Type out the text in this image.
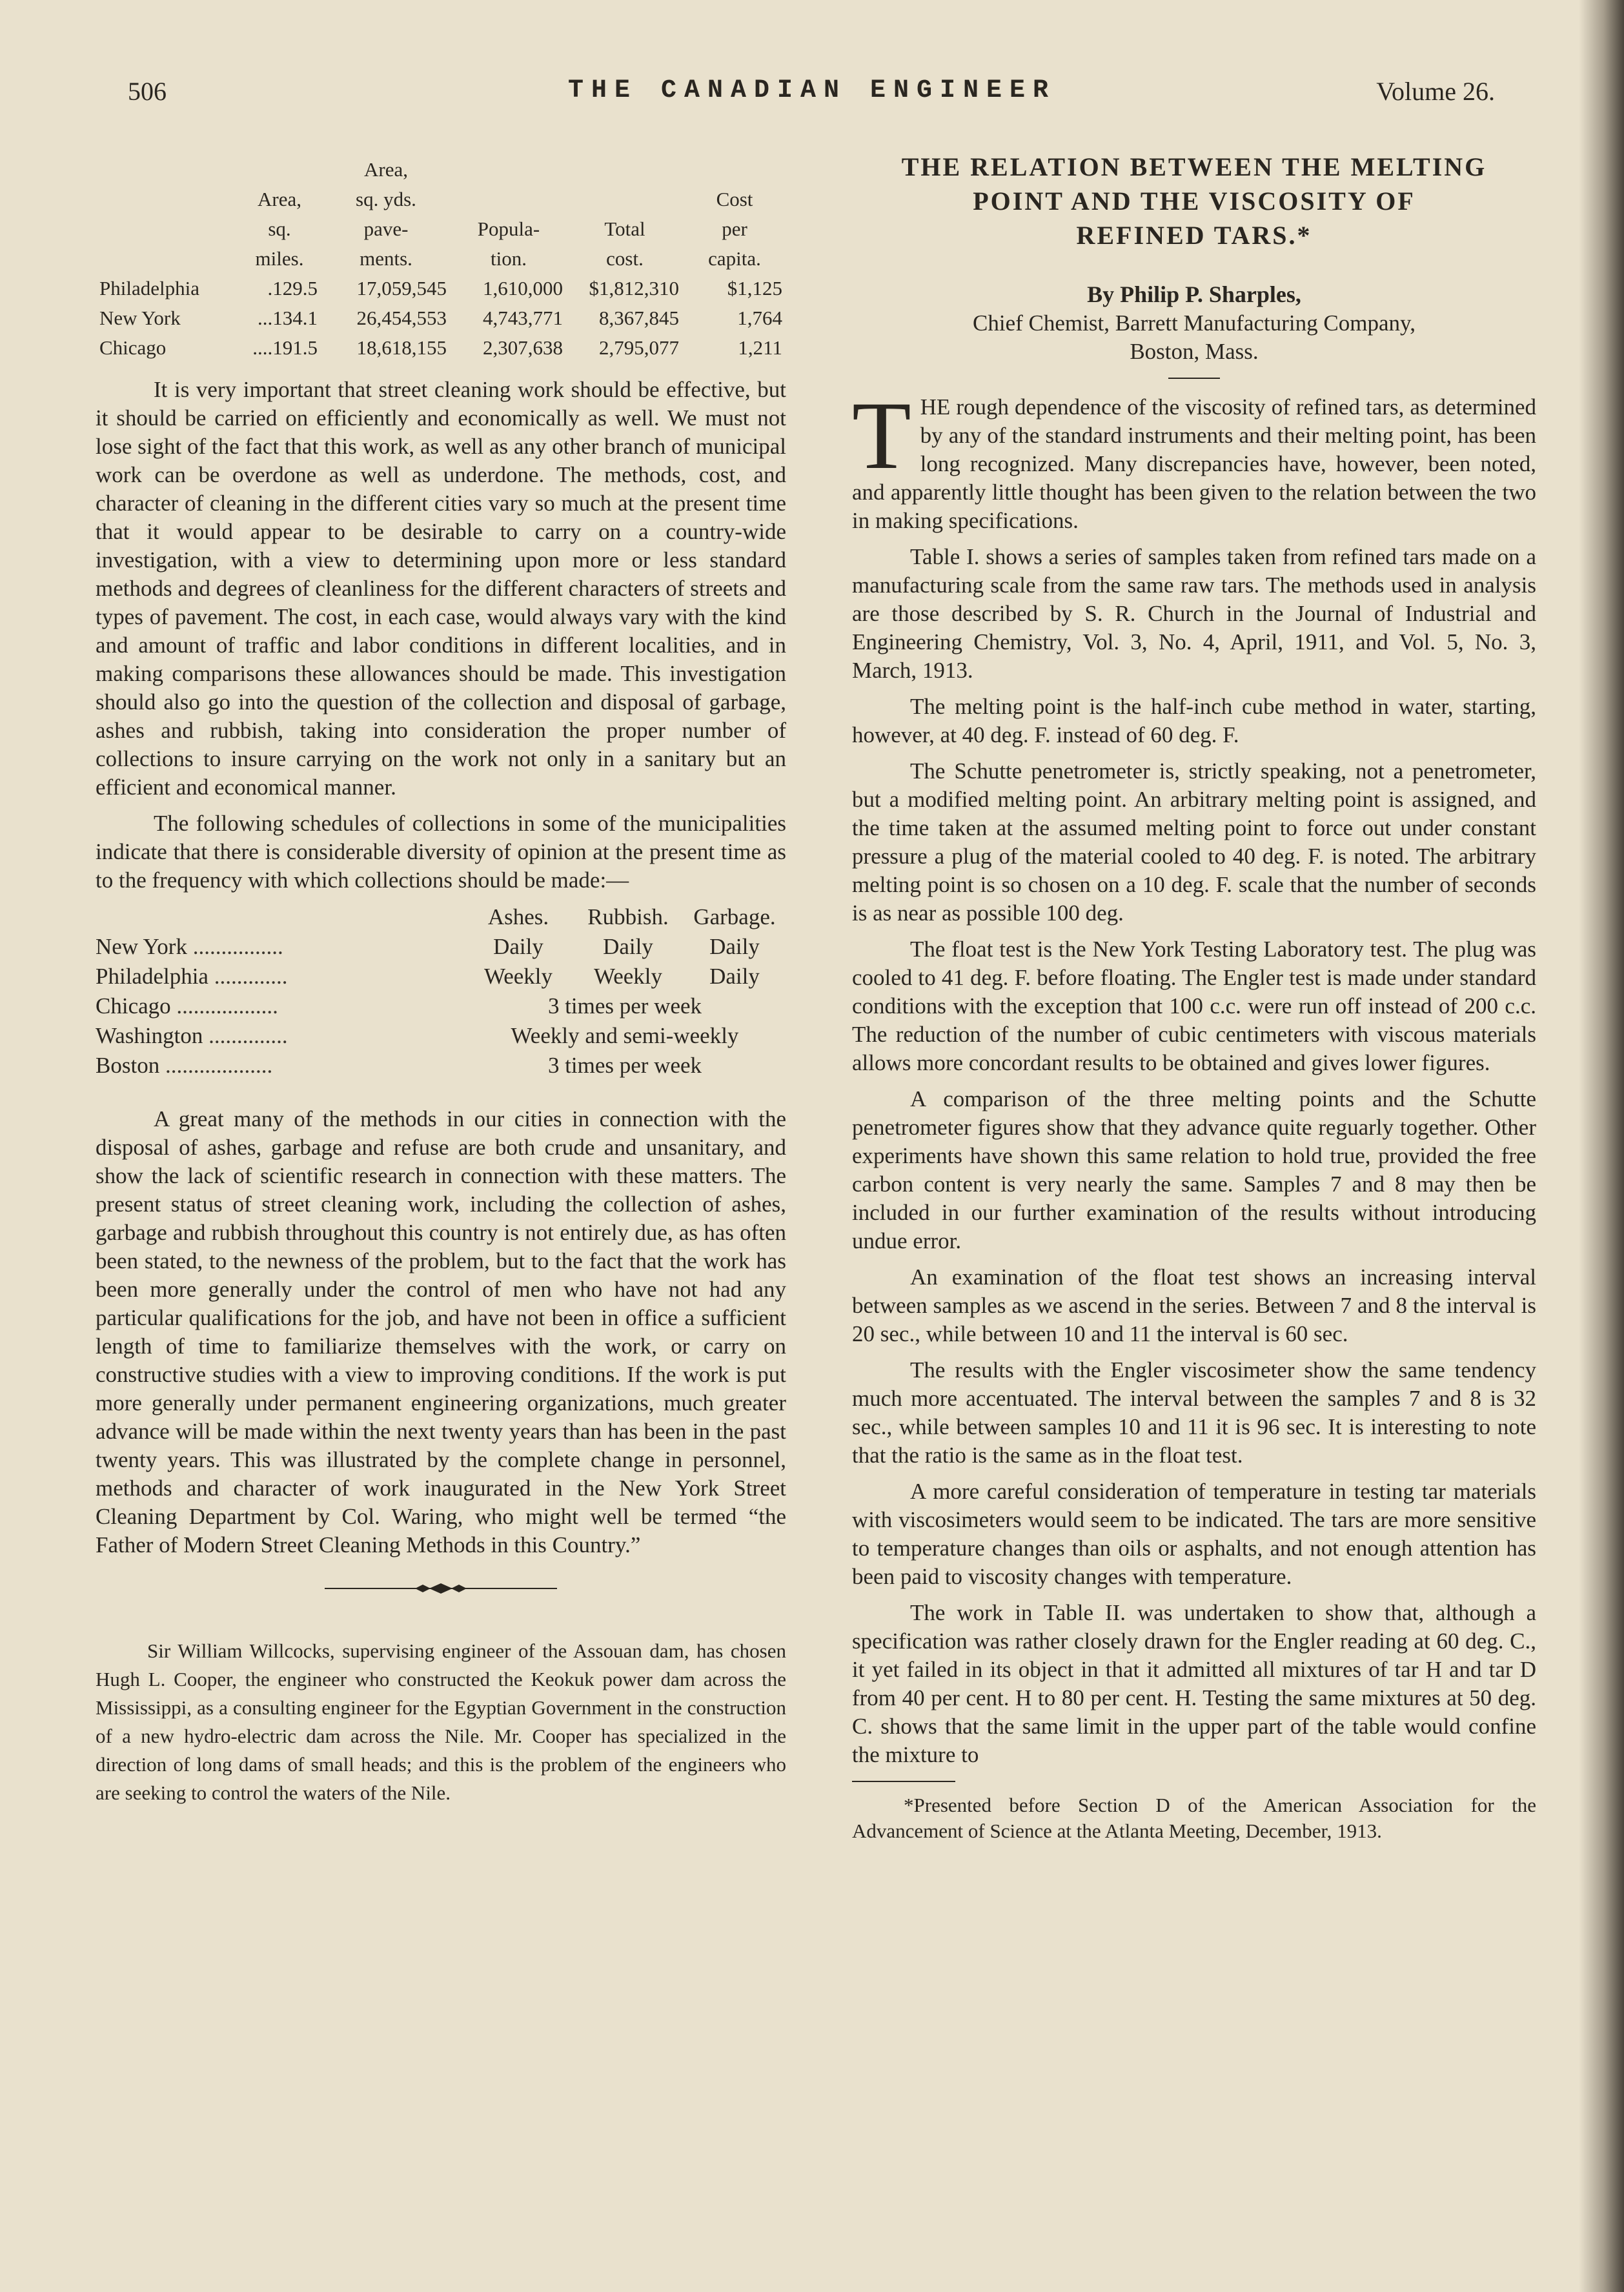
506	THE CANADIAN ENGINEER	Volume 26.
		Area,			
	Area,	sq. yds.			Cost
	sq.	pave-	Popula-	Total	per
	miles.	ments.	tion.	cost.	capita.
Philadelphia	.129.5	17,059,545	1,610,000	$1,812,310	$1,125
New York	...134.1	26,454,553	4,743,771	8,367,845	1,764
Chicago	....191.5	18,618,155	2,307,638	2,795,077	1,211

It is very important that street cleaning work should be effective, but it should be carried on efficiently and economically as well. We must not lose sight of the fact that this work, as well as any other branch of municipal work can be overdone as well as underdone. The methods, cost, and character of cleaning in the different cities vary so much at the present time that it would appear to be desirable to carry on a country-wide investigation, with a view to determining upon more or less standard methods and degrees of cleanliness for the different characters of streets and types of pavement. The cost, in each case, would always vary with the kind and amount of traffic and labor conditions in different localities, and in making comparisons these allowances should be made. This investigation should also go into the question of the collection and disposal of garbage, ashes and rubbish, taking into consideration the proper number of collections to insure carrying on the work not only in a sanitary but an efficient and economical manner.

The following schedules of collections in some of the municipalities indicate that there is considerable diversity of opinion at the present time as to the frequency with which collections should be made:—

	Ashes.	Rubbish.	Garbage.
New York ................	Daily	Daily	Daily
Philadelphia .............	Weekly	Weekly	Daily
Chicago ..................	3 times per week		
Washington ..............	Weekly and semi-weekly		
Boston ...................	3 times per week		

A great many of the methods in our cities in connection with the disposal of ashes, garbage and refuse are both crude and unsanitary, and show the lack of scientific research in connection with these matters. The present status of street cleaning work, including the collection of ashes, garbage and rubbish throughout this country is not entirely due, as has often been stated, to the newness of the problem, but to the fact that the work has been more generally under the control of men who have not had any particular qualifications for the job, and have not been in office a sufficient length of time to familiarize themselves with the work, or carry on constructive studies with a view to improving conditions. If the work is put more generally under permanent engineering organizations, much greater advance will be made within the next twenty years than has been in the past twenty years. This was illustrated by the complete change in personnel, methods and character of work inaugurated in the New York Street Cleaning Department by Col. Waring, who might well be termed “the Father of Modern Street Cleaning Methods in this Country.”

Sir William Willcocks, supervising engineer of the Assouan dam, has chosen Hugh L. Cooper, the engineer who constructed the Keokuk power dam across the Mississippi, as a consulting engineer for the Egyptian Government in the construction of a new hydro-electric dam across the Nile. Mr. Cooper has specialized in the direction of long dams of small heads; and this is the problem of the engineers who are seeking to control the waters of the Nile.

THE RELATION BETWEEN THE MELTING

POINT AND THE VISCOSITY OF

REFINED TARS.*

By Philip P. Sharples,

Chief Chemist, Barrett Manufacturing Company,

Boston, Mass.

THE rough dependence of the viscosity of refined tars, as determined by any of the standard instruments and their melting point, has been long recognized. Many discrepancies have, however, been noted, and apparently little thought has been given to the relation between the two in making specifications.

Table I. shows a series of samples taken from refined tars made on a manufacturing scale from the same raw tars. The methods used in analysis are those described by S. R. Church in the Journal of Industrial and Engineering Chemistry, Vol. 3, No. 4, April, 1911, and Vol. 5, No. 3, March, 1913.

The melting point is the half-inch cube method in water, starting, however, at 40 deg. F. instead of 60 deg. F.

The Schutte penetrometer is, strictly speaking, not a penetrometer, but a modified melting point. An arbitrary melting point is assigned, and the time taken at the assumed melting point to force out under constant pressure a plug of the material cooled to 40 deg. F. is noted. The arbitrary melting point is so chosen on a 10 deg. F. scale that the number of seconds is as near as possible 100 deg.

The float test is the New York Testing Laboratory test. The plug was cooled to 41 deg. F. before floating. The Engler test is made under standard conditions with the exception that 100 c.c. were run off instead of 200 c.c. The reduction of the number of cubic centimeters with viscous materials allows more concordant results to be obtained and gives lower figures.

A comparison of the three melting points and the Schutte penetrometer figures show that they advance quite reguarly together. Other experiments have shown this same relation to hold true, provided the free carbon content is very nearly the same. Samples 7 and 8 may then be included in our further examination of the results without introducing undue error.

An examination of the float test shows an increasing interval between samples as we ascend in the series. Between 7 and 8 the interval is 20 sec., while between 10 and 11 the interval is 60 sec.

The results with the Engler viscosimeter show the same tendency much more accentuated. The interval between the samples 7 and 8 is 32 sec., while between samples 10 and 11 it is 96 sec. It is interesting to note that the ratio is the same as in the float test.

A more careful consideration of temperature in testing tar materials with viscosimeters would seem to be indicated. The tars are more sensitive to temperature changes than oils or asphalts, and not enough attention has been paid to viscosity changes with temperature.

The work in Table II. was undertaken to show that, although a specification was rather closely drawn for the Engler reading at 60 deg. C., it yet failed in its object in that it admitted all mixtures of tar H and tar D from 40 per cent. H to 80 per cent. H. Testing the same mixtures at 50 deg. C. shows that the same limit in the upper part of the table would confine the mixture to

*Presented before Section D of the American Association for the Advancement of Science at the Atlanta Meeting, December, 1913.
